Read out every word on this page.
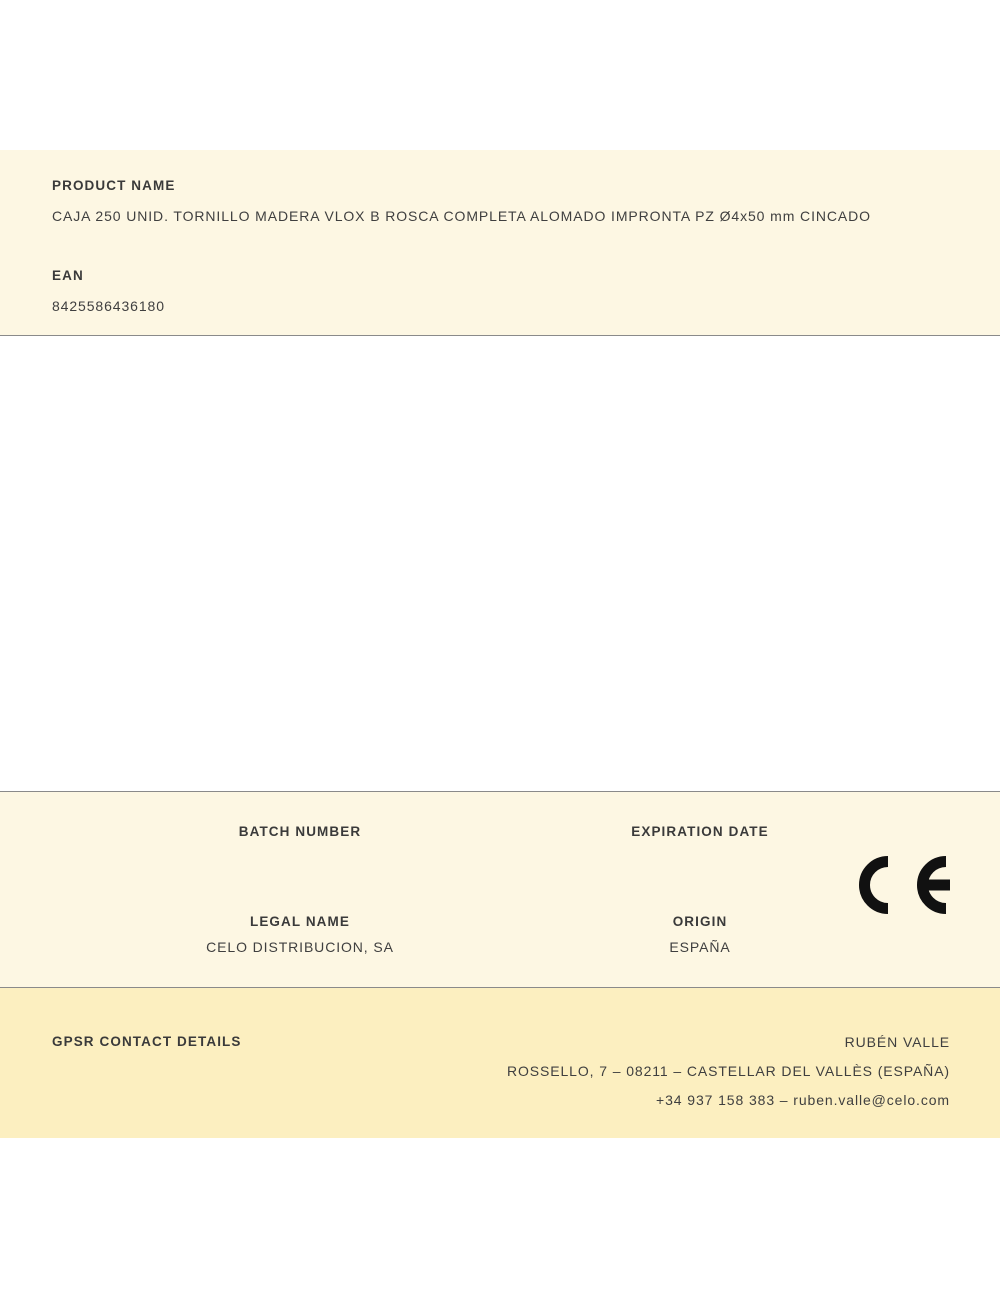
PRODUCT NAME
CAJA 250 UNID. TORNILLO MADERA VLOX B ROSCA COMPLETA ALOMADO IMPRONTA PZ Ø4x50 mm CINCADO
EAN
8425586436180
BATCH NUMBER	EXPIRATION DATE
LEGAL NAME
CELO DISTRIBUCION, SA
ORIGIN
ESPAÑA
GPSR CONTACT DETAILS	RUBÉN VALLE
ROSSELLO, 7 – 08211 – CASTELLAR DEL VALLÈS (ESPAÑA)
+34 937 158 383 – ruben.valle@celo.com
